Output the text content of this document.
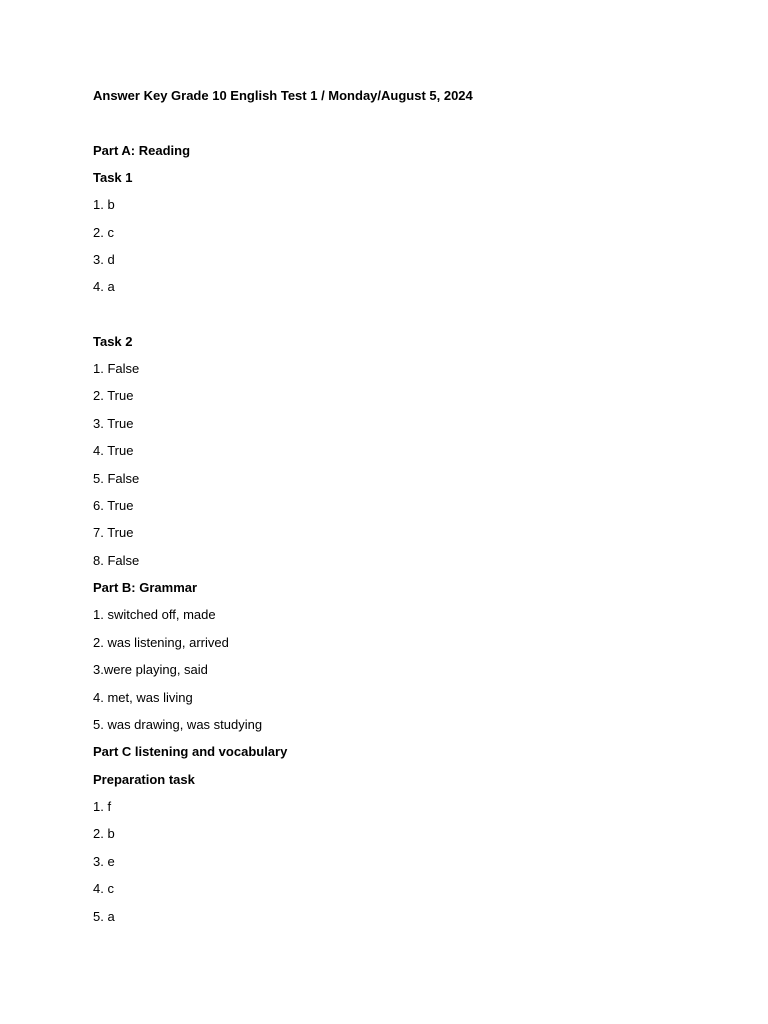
Answer Key Grade 10 English Test 1 / Monday/August 5, 2024
Part A: Reading
Task 1
1. b
2. c
3. d
4. a
Task 2
1. False
2. True
3. True
4. True
5. False
6. True
7. True
8. False
Part B: Grammar
1. switched off, made
2. was listening, arrived
3.were playing, said
4. met, was living
5. was drawing, was studying
Part C listening and vocabulary
Preparation task
1. f
2. b
3. e
4. c
5. a
